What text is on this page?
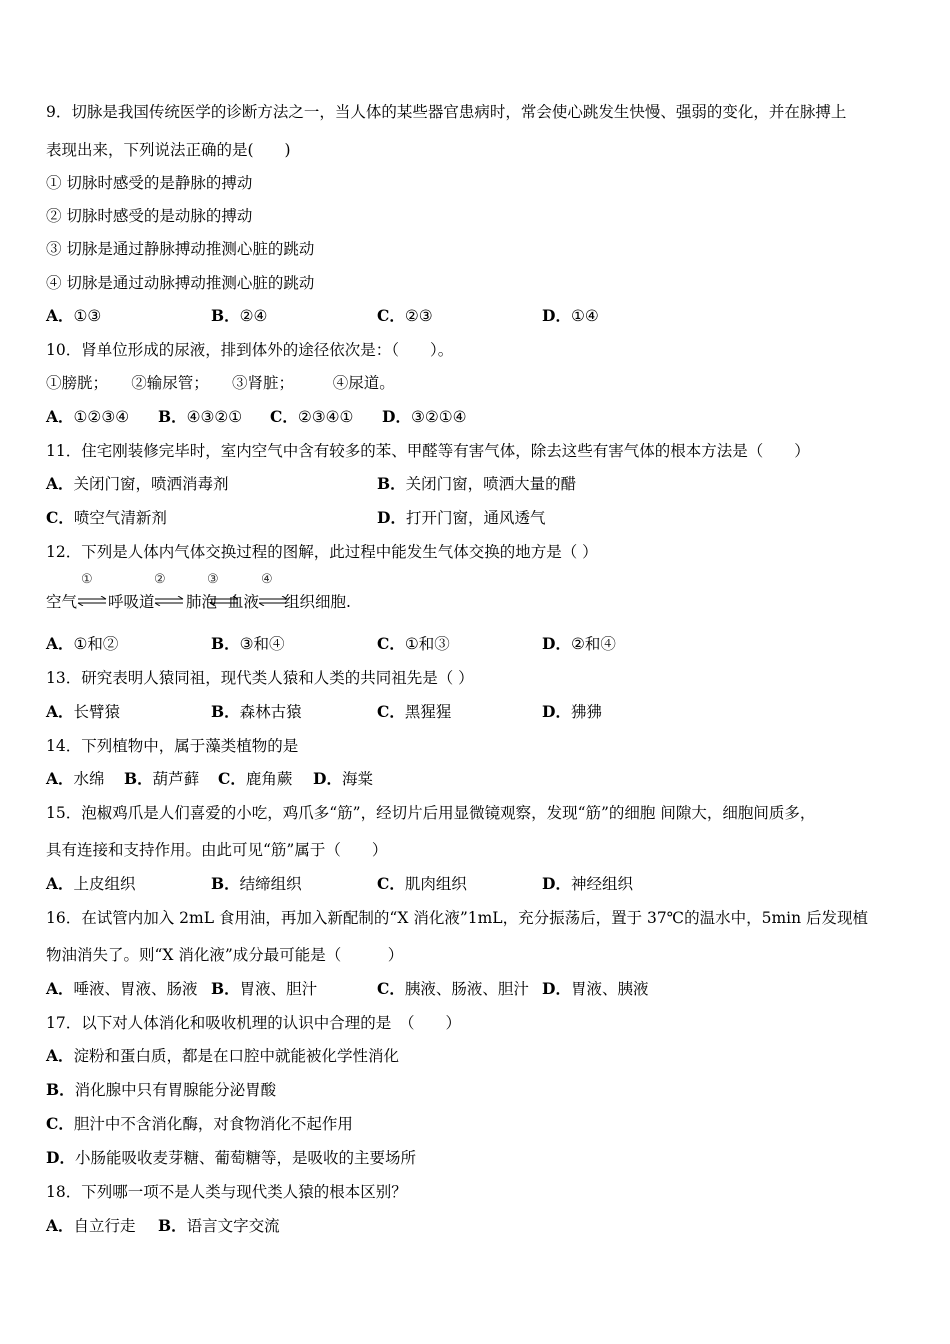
9．切脉是我国传统医学的诊断方法之一，当人体的某些器官患病时，常会使心跳发生快慢、强弱的变化，并在脉搏上
表现出来，下列说法正确的是(　　)
① 切脉时感受的是静脉的搏动
② 切脉时感受的是动脉的搏动
③ 切脉是通过静脉搏动推测心脏的跳动
④ 切脉是通过动脉搏动推测心脏的跳动
A．①③	B．②④	C．②③	D．①④
10．肾单位形成的尿液，排到体外的途径依次是：（　　）。
①膀胱；　　②输尿管；　　③肾脏；　　　④尿道。
A．①②③④ B．④③②① C．②③④① D．③②①④
11．住宅刚装修完毕时，室内空气中含有较多的苯、甲醛等有害气体，除去这些有害气体的根本方法是（　　）
A．关闭门窗，喷洒消毒剂	B．关闭门窗，喷洒大量的醋
C．喷空气清新剂	D．打开门窗，通风透气
12．下列是人体内气体交换过程的图解，此过程中能发生气体交换的地方是（ ）
空气
①
呼吸道
②
肺泡
③
血液
④
组织细胞.
A．①和②	B．③和④	C．①和③	D．②和④
13．研究表明人猿同祖，现代类人猿和人类的共同祖先是（ ）
A．长臂猿	B．森林古猿	C．黑猩猩	D．狒狒
14．下列植物中，属于藻类植物的是
A．水绵 B．葫芦藓 C．鹿角蕨 D．海棠
15．泡椒鸡爪是人们喜爱的小吃，鸡爪多“筋”，经切片后用显微镜观察，发现“筋”的细胞 间隙大，细胞间质多，
具有连接和支持作用。由此可见“筋”属于（　　）
A．上皮组织	B．结缔组织	C．肌肉组织	D．神经组织
16．在试管内加入 2mL 食用油，再加入新配制的“X 消化液”1mL，充分振荡后，置于 37℃的温水中，5min 后发现植
物油消失了。则“X 消化液”成分最可能是（　　　）
A．唾液、胃液、肠液 B．胃液、胆汁	C．胰液、肠液、胆汁 D．胃液、胰液
17．以下对人体消化和吸收机理的认识中合理的是　（　　）
A．淀粉和蛋白质，都是在口腔中就能被化学性消化
B．消化腺中只有胃腺能分泌胃酸
C．胆汁中不含消化酶，对食物消化不起作用
D．小肠能吸收麦芽糖、葡萄糖等，是吸收的主要场所
18．下列哪一项不是人类与现代类人猿的根本区别？
A．自立行走 B．语言文字交流
